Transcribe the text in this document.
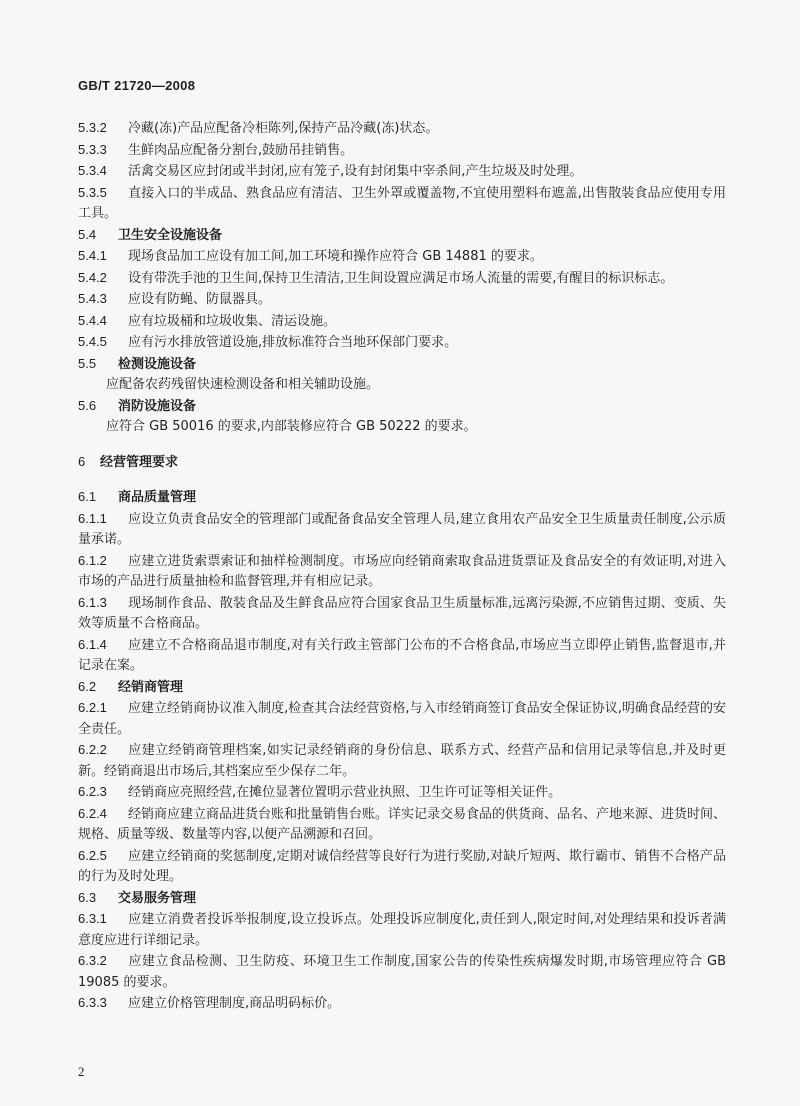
GB/T 21720—2008

5.3.2 冷藏(冻)产品应配备冷柜陈列,保持产品冷藏(冻)状态。

5.3.3 生鲜肉品应配备分割台,鼓励吊挂销售。

5.3.4 活禽交易区应封闭或半封闭,应有笼子,设有封闭集中宰杀间,产生垃圾及时处理。

5.3.5 直接入口的半成品、熟食品应有清洁、卫生外罩或覆盖物,不宜使用塑料布遮盖,出售散装食品应使用专用工具。

5.4 卫生安全设施设备

5.4.1 现场食品加工应设有加工间,加工环境和操作应符合 GB 14881 的要求。

5.4.2 设有带洗手池的卫生间,保持卫生清洁,卫生间设置应满足市场人流量的需要,有醒目的标识标志。

5.4.3 应设有防蝇、防鼠器具。

5.4.4 应有垃圾桶和垃圾收集、清运设施。

5.4.5 应有污水排放管道设施,排放标准符合当地环保部门要求。

5.5 检测设施设备

应配备农药残留快速检测设备和相关辅助设施。

5.6 消防设施设备

应符合 GB 50016 的要求,内部装修应符合 GB 50222 的要求。

6 经营管理要求

6.1 商品质量管理

6.1.1 应设立负责食品安全的管理部门或配备食品安全管理人员,建立食用农产品安全卫生质量责任制度,公示质量承诺。

6.1.2 应建立进货索票索证和抽样检测制度。市场应向经销商索取食品进货票证及食品安全的有效证明,对进入市场的产品进行质量抽检和监督管理,并有相应记录。

6.1.3 现场制作食品、散装食品及生鲜食品应符合国家食品卫生质量标准,远离污染源,不应销售过期、变质、失效等质量不合格商品。

6.1.4 应建立不合格商品退市制度,对有关行政主管部门公布的不合格食品,市场应当立即停止销售,监督退市,并记录在案。

6.2 经销商管理

6.2.1 应建立经销商协议准入制度,检查其合法经营资格,与入市经销商签订食品安全保证协议,明确食品经营的安全责任。

6.2.2 应建立经销商管理档案,如实记录经销商的身份信息、联系方式、经营产品和信用记录等信息,并及时更新。经销商退出市场后,其档案应至少保存二年。

6.2.3 经销商应亮照经营,在摊位显著位置明示营业执照、卫生许可证等相关证件。

6.2.4 经销商应建立商品进货台账和批量销售台账。详实记录交易食品的供货商、品名、产地来源、进货时间、规格、质量等级、数量等内容,以便产品溯源和召回。

6.2.5 应建立经销商的奖惩制度,定期对诚信经营等良好行为进行奖励,对缺斤短两、欺行霸市、销售不合格产品的行为及时处理。

6.3 交易服务管理

6.3.1 应建立消费者投诉举报制度,设立投诉点。处理投诉应制度化,责任到人,限定时间,对处理结果和投诉者满意度应进行详细记录。

6.3.2 应建立食品检测、卫生防疫、环境卫生工作制度,国家公告的传染性疾病爆发时期,市场管理应符合 GB 19085 的要求。

6.3.3 应建立价格管理制度,商品明码标价。

2
